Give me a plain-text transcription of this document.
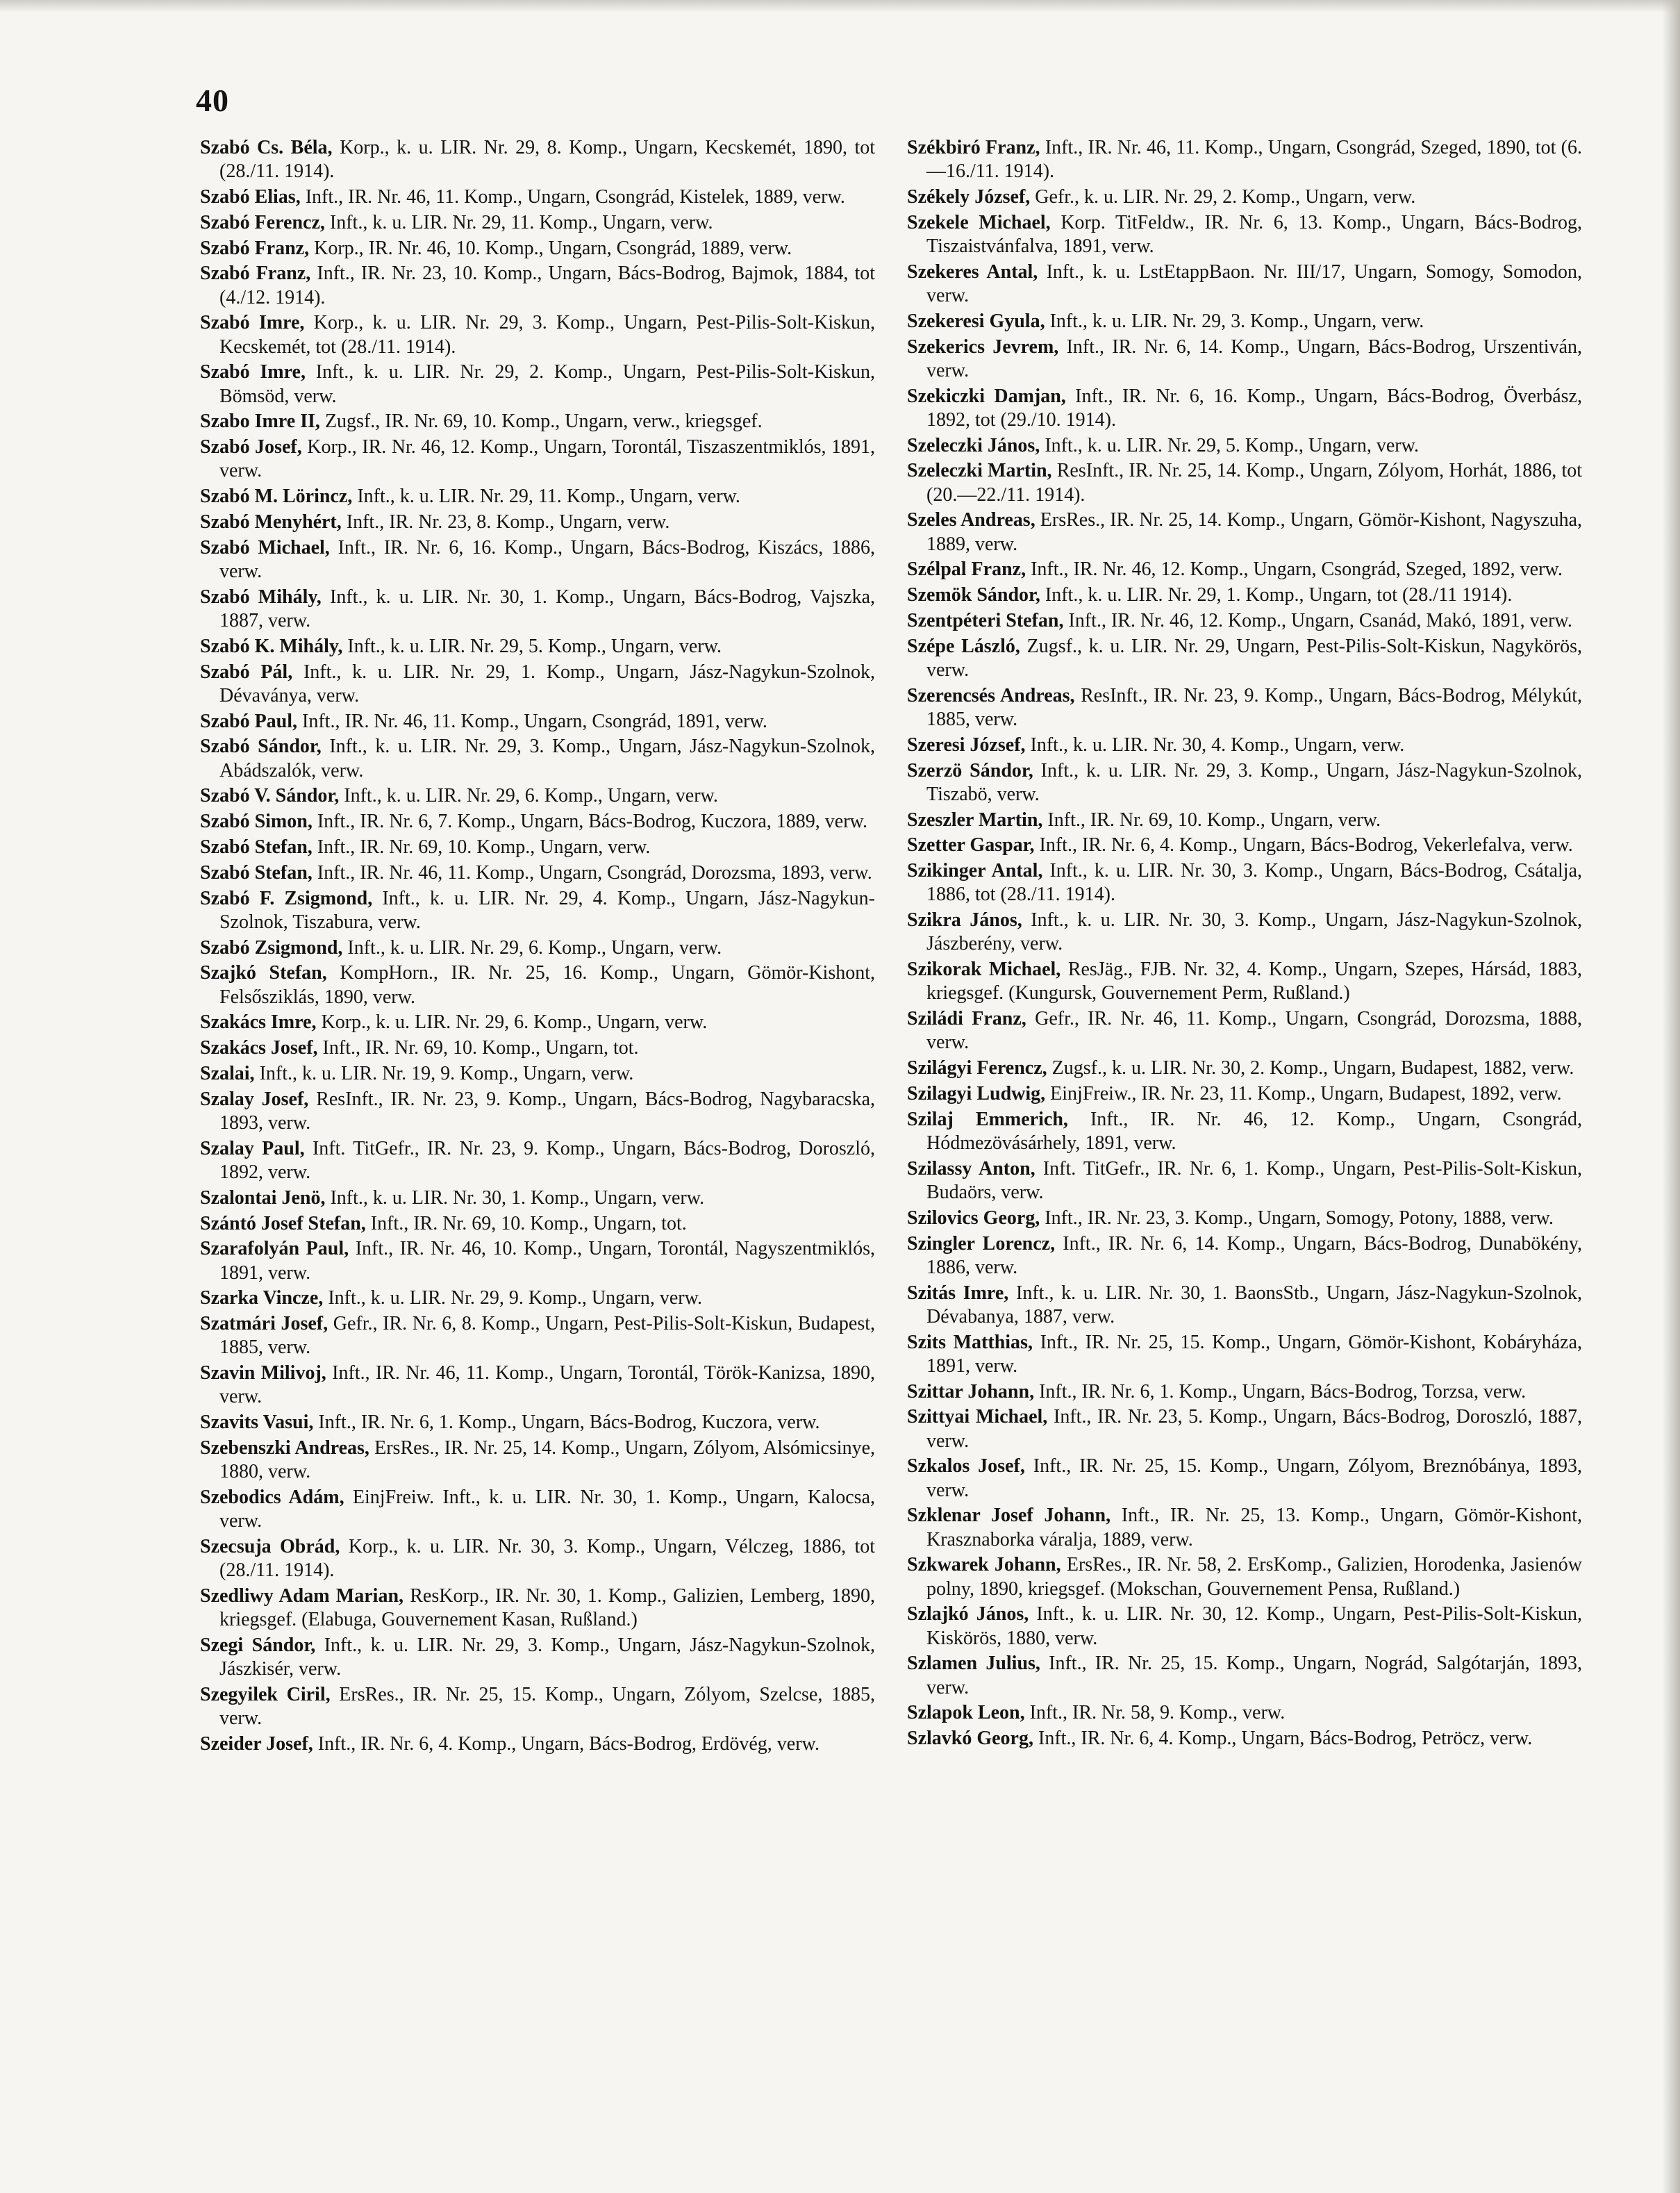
40

Szabó Cs. Béla, Korp., k. u. LIR. Nr. 29, 8. Komp., Ungarn, Kecskemét, 1890, tot (28./11. 1914).

Szabó Elias, Inft., IR. Nr. 46, 11. Komp., Ungarn, Csongrád, Kistelek, 1889, verw.

Szabó Ferencz, Inft., k. u. LIR. Nr. 29, 11. Komp., Ungarn, verw.

Szabó Franz, Korp., IR. Nr. 46, 10. Komp., Ungarn, Csongrád, 1889, verw.

Szabó Franz, Inft., IR. Nr. 23, 10. Komp., Ungarn, Bács-Bodrog, Bajmok, 1884, tot (4./12. 1914).

Szabó Imre, Korp., k. u. LIR. Nr. 29, 3. Komp., Ungarn, Pest-Pilis-Solt-Kiskun, Kecskemét, tot (28./11. 1914).

Szabó Imre, Inft., k. u. LIR. Nr. 29, 2. Komp., Ungarn, Pest-Pilis-Solt-Kiskun, Bömsöd, verw.

Szabo Imre II, Zugsf., IR. Nr. 69, 10. Komp., Ungarn, verw., kriegsgef.

Szabó Josef, Korp., IR. Nr. 46, 12. Komp., Ungarn, Torontál, Tiszaszentmiklós, 1891, verw.

Szabó M. Lörincz, Inft., k. u. LIR. Nr. 29, 11. Komp., Ungarn, verw.

Szabó Menyhért, Inft., IR. Nr. 23, 8. Komp., Ungarn, verw.

Szabó Michael, Inft., IR. Nr. 6, 16. Komp., Ungarn, Bács-Bodrog, Kiszács, 1886, verw.

Szabó Mihály, Inft., k. u. LIR. Nr. 30, 1. Komp., Ungarn, Bács-Bodrog, Vajszka, 1887, verw.

Szabó K. Mihály, Inft., k. u. LIR. Nr. 29, 5. Komp., Ungarn, verw.

Szabó Pál, Inft., k. u. LIR. Nr. 29, 1. Komp., Ungarn, Jász-Nagykun-Szolnok, Dévaványa, verw.

Szabó Paul, Inft., IR. Nr. 46, 11. Komp., Ungarn, Csongrád, 1891, verw.

Szabó Sándor, Inft., k. u. LIR. Nr. 29, 3. Komp., Ungarn, Jász-Nagykun-Szolnok, Abádszalók, verw.

Szabó V. Sándor, Inft., k. u. LIR. Nr. 29, 6. Komp., Ungarn, verw.

Szabó Simon, Inft., IR. Nr. 6, 7. Komp., Ungarn, Bács-Bodrog, Kuczora, 1889, verw.

Szabó Stefan, Inft., IR. Nr. 69, 10. Komp., Ungarn, verw.

Szabó Stefan, Inft., IR. Nr. 46, 11. Komp., Ungarn, Csongrád, Dorozsma, 1893, verw.

Szabó F. Zsigmond, Inft., k. u. LIR. Nr. 29, 4. Komp., Ungarn, Jász-Nagykun-Szolnok, Tiszabura, verw.

Szabó Zsigmond, Inft., k. u. LIR. Nr. 29, 6. Komp., Ungarn, verw.

Szajkó Stefan, KompHorn., IR. Nr. 25, 16. Komp., Ungarn, Gömör-Kishont, Felsősziklás, 1890, verw.

Szakács Imre, Korp., k. u. LIR. Nr. 29, 6. Komp., Ungarn, verw.

Szakács Josef, Inft., IR. Nr. 69, 10. Komp., Ungarn, tot.

Szalai, Inft., k. u. LIR. Nr. 19, 9. Komp., Ungarn, verw.

Szalay Josef, ResInft., IR. Nr. 23, 9. Komp., Ungarn, Bács-Bodrog, Nagybaracska, 1893, verw.

Szalay Paul, Inft. TitGefr., IR. Nr. 23, 9. Komp., Ungarn, Bács-Bodrog, Doroszló, 1892, verw.

Szalontai Jenö, Inft., k. u. LIR. Nr. 30, 1. Komp., Ungarn, verw.

Szántó Josef Stefan, Inft., IR. Nr. 69, 10. Komp., Ungarn, tot.

Szarafolyán Paul, Inft., IR. Nr. 46, 10. Komp., Ungarn, Torontál, Nagyszentmiklós, 1891, verw.

Szarka Vincze, Inft., k. u. LIR. Nr. 29, 9. Komp., Ungarn, verw.

Szatmári Josef, Gefr., IR. Nr. 6, 8. Komp., Ungarn, Pest-Pilis-Solt-Kiskun, Budapest, 1885, verw.

Szavin Milivoj, Inft., IR. Nr. 46, 11. Komp., Ungarn, Torontál, Török-Kanizsa, 1890, verw.

Szavits Vasui, Inft., IR. Nr. 6, 1. Komp., Ungarn, Bács-Bodrog, Kuczora, verw.

Szebenszki Andreas, ErsRes., IR. Nr. 25, 14. Komp., Ungarn, Zólyom, Alsómicsinye, 1880, verw.

Szebodics Adám, EinjFreiw. Inft., k. u. LIR. Nr. 30, 1. Komp., Ungarn, Kalocsa, verw.

Szecsuja Obrád, Korp., k. u. LIR. Nr. 30, 3. Komp., Ungarn, Vélczeg, 1886, tot (28./11. 1914).

Szedliwy Adam Marian, ResKorp., IR. Nr. 30, 1. Komp., Galizien, Lemberg, 1890, kriegsgef. (Elabuga, Gouvernement Kasan, Rußland.)

Szegi Sándor, Inft., k. u. LIR. Nr. 29, 3. Komp., Ungarn, Jász-Nagykun-Szolnok, Jászkisér, verw.

Szegyilek Ciril, ErsRes., IR. Nr. 25, 15. Komp., Ungarn, Zólyom, Szelcse, 1885, verw.

Szeider Josef, Inft., IR. Nr. 6, 4. Komp., Ungarn, Bács-Bodrog, Erdövég, verw.

Székbiró Franz, Inft., IR. Nr. 46, 11. Komp., Ungarn, Csongrád, Szeged, 1890, tot (6.—16./11. 1914).

Székely József, Gefr., k. u. LIR. Nr. 29, 2. Komp., Ungarn, verw.

Szekele Michael, Korp. TitFeldw., IR. Nr. 6, 13. Komp., Ungarn, Bács-Bodrog, Tiszaistvánfalva, 1891, verw.

Szekeres Antal, Inft., k. u. LstEtappBaon. Nr. III/17, Ungarn, Somogy, Somodon, verw.

Szekeresi Gyula, Inft., k. u. LIR. Nr. 29, 3. Komp., Ungarn, verw.

Szekerics Jevrem, Inft., IR. Nr. 6, 14. Komp., Ungarn, Bács-Bodrog, Urszentiván, verw.

Szekiczki Damjan, Inft., IR. Nr. 6, 16. Komp., Ungarn, Bács-Bodrog, Överbász, 1892, tot (29./10. 1914).

Szeleczki János, Inft., k. u. LIR. Nr. 29, 5. Komp., Ungarn, verw.

Szeleczki Martin, ResInft., IR. Nr. 25, 14. Komp., Ungarn, Zólyom, Horhát, 1886, tot (20.—22./11. 1914).

Szeles Andreas, ErsRes., IR. Nr. 25, 14. Komp., Ungarn, Gömör-Kishont, Nagyszuha, 1889, verw.

Szélpal Franz, Inft., IR. Nr. 46, 12. Komp., Ungarn, Csongrád, Szeged, 1892, verw.

Szemök Sándor, Inft., k. u. LIR. Nr. 29, 1. Komp., Ungarn, tot (28./11 1914).

Szentpéteri Stefan, Inft., IR. Nr. 46, 12. Komp., Ungarn, Csanád, Makó, 1891, verw.

Szépe László, Zugsf., k. u. LIR. Nr. 29, Ungarn, Pest-Pilis-Solt-Kiskun, Nagykörös, verw.

Szerencsés Andreas, ResInft., IR. Nr. 23, 9. Komp., Ungarn, Bács-Bodrog, Mélykút, 1885, verw.

Szeresi József, Inft., k. u. LIR. Nr. 30, 4. Komp., Ungarn, verw.

Szerzö Sándor, Inft., k. u. LIR. Nr. 29, 3. Komp., Ungarn, Jász-Nagykun-Szolnok, Tiszabö, verw.

Szeszler Martin, Inft., IR. Nr. 69, 10. Komp., Ungarn, verw.

Szetter Gaspar, Inft., IR. Nr. 6, 4. Komp., Ungarn, Bács-Bodrog, Vekerlefalva, verw.

Szikinger Antal, Inft., k. u. LIR. Nr. 30, 3. Komp., Ungarn, Bács-Bodrog, Csátalja, 1886, tot (28./11. 1914).

Szikra János, Inft., k. u. LIR. Nr. 30, 3. Komp., Ungarn, Jász-Nagykun-Szolnok, Jászberény, verw.

Szikorak Michael, ResJäg., FJB. Nr. 32, 4. Komp., Ungarn, Szepes, Hársád, 1883, kriegsgef. (Kungursk, Gouvernement Perm, Rußland.)

Sziládi Franz, Gefr., IR. Nr. 46, 11. Komp., Ungarn, Csongrád, Dorozsma, 1888, verw.

Szilágyi Ferencz, Zugsf., k. u. LIR. Nr. 30, 2. Komp., Ungarn, Budapest, 1882, verw.

Szilagyi Ludwig, EinjFreiw., IR. Nr. 23, 11. Komp., Ungarn, Budapest, 1892, verw.

Szilaj Emmerich, Inft., IR. Nr. 46, 12. Komp., Ungarn, Csongrád, Hódmezövásárhely, 1891, verw.

Szilassy Anton, Inft. TitGefr., IR. Nr. 6, 1. Komp., Ungarn, Pest-Pilis-Solt-Kiskun, Budaörs, verw.

Szilovics Georg, Inft., IR. Nr. 23, 3. Komp., Ungarn, Somogy, Potony, 1888, verw.

Szingler Lorencz, Inft., IR. Nr. 6, 14. Komp., Ungarn, Bács-Bodrog, Dunabökény, 1886, verw.

Szitás Imre, Inft., k. u. LIR. Nr. 30, 1. BaonsStb., Ungarn, Jász-Nagykun-Szolnok, Dévabanya, 1887, verw.

Szits Matthias, Inft., IR. Nr. 25, 15. Komp., Ungarn, Gömör-Kishont, Kobáryháza, 1891, verw.

Szittar Johann, Inft., IR. Nr. 6, 1. Komp., Ungarn, Bács-Bodrog, Torzsa, verw.

Szittyai Michael, Inft., IR. Nr. 23, 5. Komp., Ungarn, Bács-Bodrog, Doroszló, 1887, verw.

Szkalos Josef, Inft., IR. Nr. 25, 15. Komp., Ungarn, Zólyom, Breznóbánya, 1893, verw.

Szklenar Josef Johann, Inft., IR. Nr. 25, 13. Komp., Ungarn, Gömör-Kishont, Krasznaborka váralja, 1889, verw.

Szkwarek Johann, ErsRes., IR. Nr. 58, 2. ErsKomp., Galizien, Horodenka, Jasienów polny, 1890, kriegsgef. (Mokschan, Gouvernement Pensa, Rußland.)

Szlajkó János, Inft., k. u. LIR. Nr. 30, 12. Komp., Ungarn, Pest-Pilis-Solt-Kiskun, Kiskörös, 1880, verw.

Szlamen Julius, Inft., IR. Nr. 25, 15. Komp., Ungarn, Nográd, Salgótarján, 1893, verw.

Szlapok Leon, Inft., IR. Nr. 58, 9. Komp., verw.

Szlavkó Georg, Inft., IR. Nr. 6, 4. Komp., Ungarn, Bács-Bodrog, Petröcz, verw.
